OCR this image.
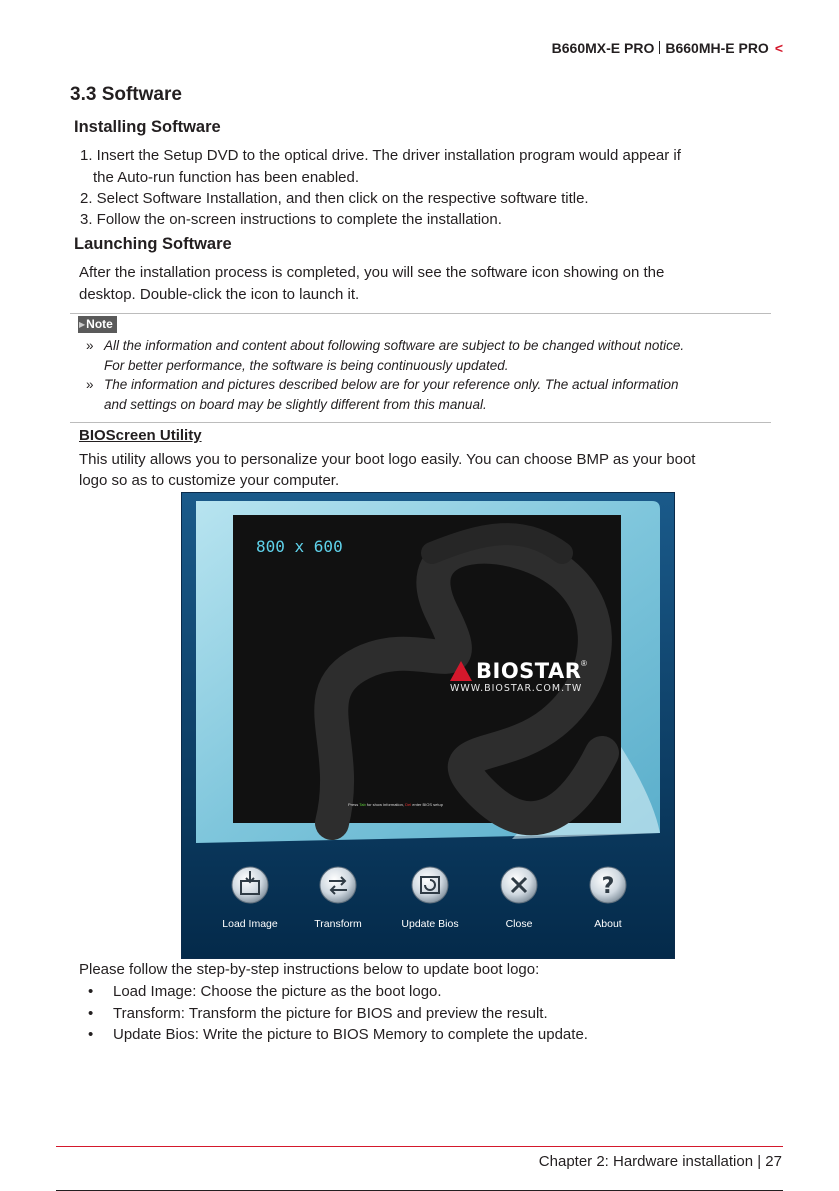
B660MX-E PRO B660MH-E PRO <
3.3 Software
Installing Software
1. Insert the Setup DVD to the optical drive. The driver installation program would appear if
the Auto-run function has been enabled.
2. Select Software Installation, and then click on the respective software title.
3. Follow the on-screen instructions to complete the installation.
Launching Software
After the installation process is completed, you will see the software icon showing on the
desktop. Double-click the icon to launch it.
▶Note
» All the information and content about following software are subject to be changed without notice.
For better performance, the software is being continuously updated.
» The information and pictures described below are for your reference only. The actual information
and settings on board may be slightly different from this manual.
BIOScreen Utility
This utility allows you to personalize your boot logo easily. You can choose BMP as your boot
logo so as to customize your computer.
800 x 600
BIOSTAR ®
WWW.BIOSTAR.COM.TW
Press Tab for show information, Del enter BIOS setup
Load Image	Transform	Update Bios	Close
?
About
Please follow the step-by-step instructions below to update boot logo:
• Load Image: Choose the picture as the boot logo.
• Transform: Transform the picture for BIOS and preview the result.
• Update Bios: Write the picture to BIOS Memory to complete the update.
Chapter 2: Hardware installation | 27
